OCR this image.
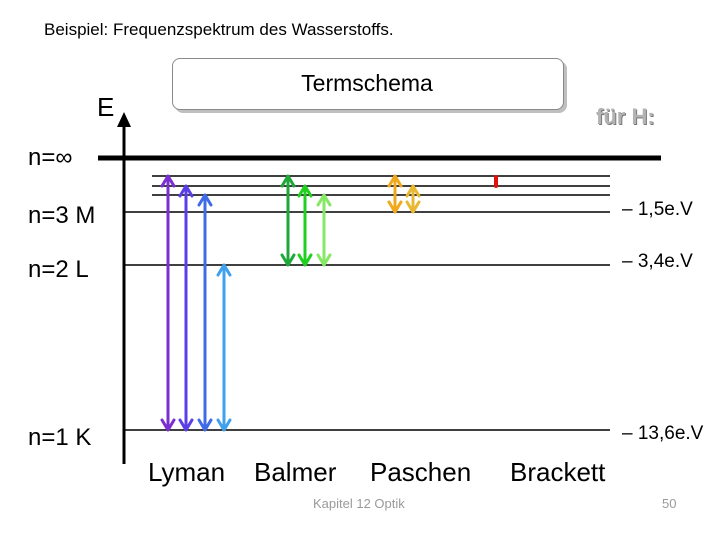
Beispiel: Frequenzspektrum des Wasserstoffs.
Termschema
E	für H:
n=∞
n=3 M
n=2 L
n=1 K
– 1,5e.V
– 3,4e.V
– 13,6e.V
Lyman Balmer Paschen Brackett
Kapitel 12 Optik	50
